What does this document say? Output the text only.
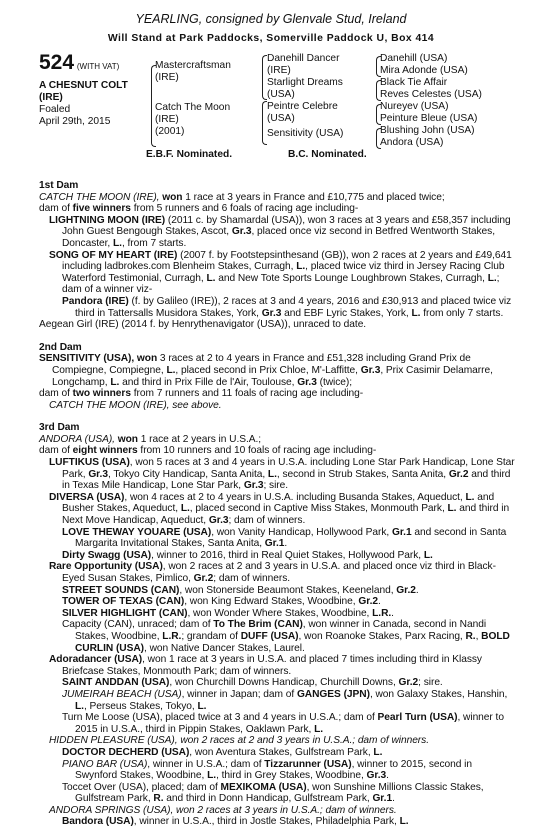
YEARLING, consigned by Glenvale Stud, Ireland
Will Stand at Park Paddocks, Somerville Paddock U, Box 414
524 (WITH VAT)
A CHESNUT COLT
(IRE)
Foaled
April 29th, 2015
Mastercraftsman
(IRE)
Catch The Moon
(IRE)
(2001)
Danehill Dancer
(IRE)
Starlight Dreams
(USA)
Peintre Celebre
(USA)
Sensitivity (USA)
Danehill (USA)
Mira Adonde (USA)
Black Tie Affair
Reves Celestes (USA)
Nureyev (USA)
Peinture Bleue (USA)
Blushing John (USA)
Andora (USA)
E.B.F. Nominated.	B.C. Nominated.

1st Dam

CATCH THE MOON (IRE), won 1 race at 3 years in France and £10,775 and placed twice;

dam of five winners from 5 runners and 6 foals of racing age including-

LIGHTNING MOON (IRE) (2011 c. by Shamardal (USA)), won 3 races at 3 years and £58,357 including John Guest Bengough Stakes, Ascot, Gr.3, placed once viz second in Betfred Wentworth Stakes, Doncaster, L., from 7 starts.

SONG OF MY HEART (IRE) (2007 f. by Footstepsinthesand (GB)), won 2 races at 2 years and £49,641 including ladbrokes.com Blenheim Stakes, Curragh, L., placed twice viz third in Jersey Racing Club Waterford Testimonial, Curragh, L. and New Tote Sports Lounge Loughbrown Stakes, Curragh, L.; dam of a winner viz-

Pandora (IRE) (f. by Galileo (IRE)), 2 races at 3 and 4 years, 2016 and £30,913 and placed twice viz third in Tattersalls Musidora Stakes, York, Gr.3 and EBF Lyric Stakes, York, L. from only 7 starts.

Aegean Girl (IRE) (2014 f. by Henrythenavigator (USA)), unraced to date.

2nd Dam

SENSITIVITY (USA), won 3 races at 2 to 4 years in France and £51,328 including Grand Prix de Compiegne, Compiegne, L., placed second in Prix Chloe, M'-Laffitte, Gr.3, Prix Casimir Delamarre, Longchamp, L. and third in Prix Fille de l'Air, Toulouse, Gr.3 (twice);

dam of two winners from 7 runners and 11 foals of racing age including-

CATCH THE MOON (IRE), see above.

3rd Dam

ANDORA (USA), won 1 race at 2 years in U.S.A.;

dam of eight winners from 10 runners and 10 foals of racing age including-

LUFTIKUS (USA), won 5 races at 3 and 4 years in U.S.A. including Lone Star Park Handicap, Lone Star Park, Gr.3, Tokyo City Handicap, Santa Anita, L., second in Strub Stakes, Santa Anita, Gr.2 and third in Texas Mile Handicap, Lone Star Park, Gr.3; sire.

DIVERSA (USA), won 4 races at 2 to 4 years in U.S.A. including Busanda Stakes, Aqueduct, L. and Busher Stakes, Aqueduct, L., placed second in Captive Miss Stakes, Monmouth Park, L. and third in Next Move Handicap, Aqueduct, Gr.3; dam of winners.

LOVE THEWAY YOUARE (USA), won Vanity Handicap, Hollywood Park, Gr.1 and second in Santa Margarita Invitational Stakes, Santa Anita, Gr.1.

Dirty Swagg (USA), winner to 2016, third in Real Quiet Stakes, Hollywood Park, L.

Rare Opportunity (USA), won 2 races at 2 and 3 years in U.S.A. and placed once viz third in Black-Eyed Susan Stakes, Pimlico, Gr.2; dam of winners.

STREET SOUNDS (CAN), won Stonerside Beaumont Stakes, Keeneland, Gr.2.

TOWER OF TEXAS (CAN), won King Edward Stakes, Woodbine, Gr.2.

SILVER HIGHLIGHT (CAN), won Wonder Where Stakes, Woodbine, L.R..

Capacity (CAN), unraced; dam of To The Brim (CAN), won winner in Canada, second in Nandi Stakes, Woodbine, L.R.; grandam of DUFF (USA), won Roanoke Stakes, Parx Racing, R., BOLD CURLIN (USA), won Native Dancer Stakes, Laurel.

Adoradancer (USA), won 1 race at 3 years in U.S.A. and placed 7 times including third in Klassy Briefcase Stakes, Monmouth Park; dam of winners.

SAINT ANDDAN (USA), won Churchill Downs Handicap, Churchill Downs, Gr.2; sire.

JUMEIRAH BEACH (USA), winner in Japan; dam of GANGES (JPN), won Galaxy Stakes, Hanshin, L., Perseus Stakes, Tokyo, L.

Turn Me Loose (USA), placed twice at 3 and 4 years in U.S.A.; dam of Pearl Turn (USA), winner to 2015 in U.S.A., third in Pippin Stakes, Oaklawn Park, L.

HIDDEN PLEASURE (USA), won 2 races at 2 and 3 years in U.S.A.; dam of winners.

DOCTOR DECHERD (USA), won Aventura Stakes, Gulfstream Park, L.

PIANO BAR (USA), winner in U.S.A.; dam of Tizzarunner (USA), winner to 2015, second in Swynford Stakes, Woodbine, L., third in Grey Stakes, Woodbine, Gr.3.

Toccet Over (USA), placed; dam of MEXIKOMA (USA), won Sunshine Millions Classic Stakes, Gulfstream Park, R. and third in Donn Handicap, Gulfstream Park, Gr.1.

ANDORA SPRINGS (USA), won 2 races at 3 years in U.S.A.; dam of winners.

Bandora (USA), winner in U.S.A., third in Jostle Stakes, Philadelphia Park, L.
